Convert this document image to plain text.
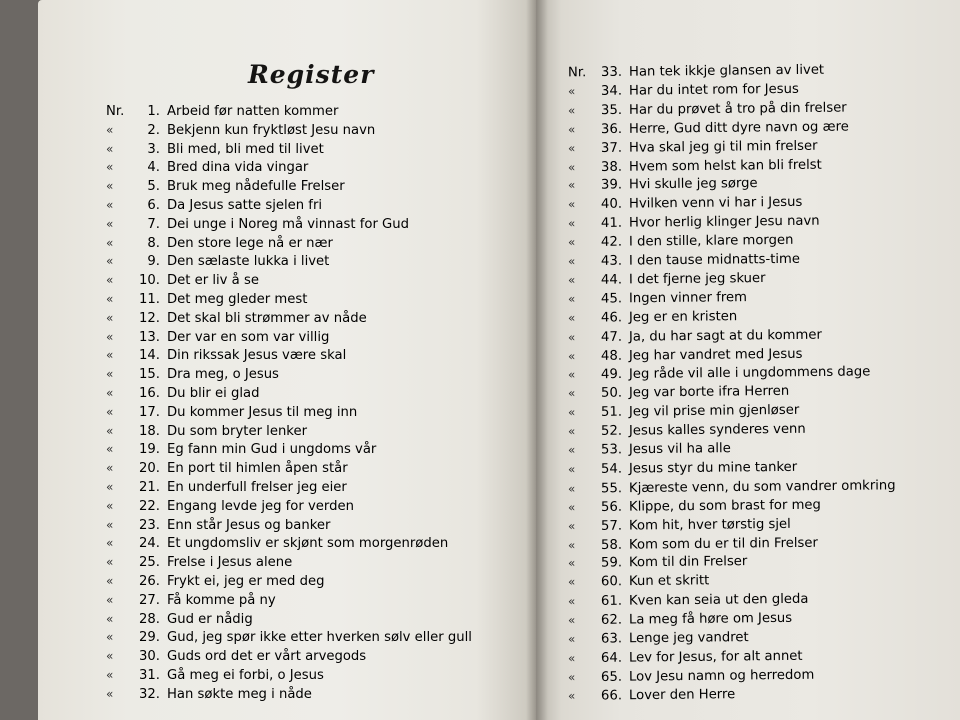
Register
Nr. 1. Arbeid før natten kommer
«	2. Bekjenn kun fryktløst Jesu navn
«	3. Bli med, bli med til livet
«	4. Bred dina vida vingar
«	5. Bruk meg nådefulle Frelser
«	6. Da Jesus satte sjelen fri
«	7. Dei unge i Noreg må vinnast for Gud
«	8. Den store lege nå er nær
«	9. Den sælaste lukka i livet
« 10. Det er liv å se
« 11. Det meg gleder mest
« 12. Det skal bli strømmer av nåde
« 13. Der var en som var villig
« 14. Din rikssak Jesus være skal
« 15. Dra meg, o Jesus
« 16. Du blir ei glad
« 17. Du kommer Jesus til meg inn
« 18. Du som bryter lenker
« 19. Eg fann min Gud i ungdoms vår
« 20. En port til himlen åpen står
« 21. En underfull frelser jeg eier
« 22. Engang levde jeg for verden
« 23. Enn står Jesus og banker
« 24. Et ungdomsliv er skjønt som morgenrøden
« 25. Frelse i Jesus alene
« 26. Frykt ei, jeg er med deg
« 27. Få komme på ny
« 28. Gud er nådig
« 29. Gud, jeg spør ikke etter hverken sølv eller gull
« 30. Guds ord det er vårt arvegods
« 31. Gå meg ei forbi, o Jesus
« 32. Han søkte meg i nåde
Nr. 33. Han tek ikkje glansen av livet
« 34. Har du intet rom for Jesus
« 35. Har du prøvet å tro på din frelser
« 36. Herre, Gud ditt dyre navn og ære
« 37. Hva skal jeg gi til min frelser
« 38. Hvem som helst kan bli frelst
« 39. Hvi skulle jeg sørge
« 40. Hvilken venn vi har i Jesus
« 41. Hvor herlig klinger Jesu navn
« 42. I den stille, klare morgen
« 43. I den tause midnatts-time
« 44. I det fjerne jeg skuer
« 45. Ingen vinner frem
« 46. Jeg er en kristen
« 47. Ja, du har sagt at du kommer
« 48. Jeg har vandret med Jesus
« 49. Jeg råde vil alle i ungdommens dage
« 50. Jeg var borte ifra Herren
« 51. Jeg vil prise min gjenløser
« 52. Jesus kalles synderes venn
« 53. Jesus vil ha alle
« 54. Jesus styr du mine tanker
« 55. Kjæreste venn, du som vandrer omkring
« 56. Klippe, du som brast for meg
« 57. Kom hit, hver tørstig sjel
« 58. Kom som du er til din Frelser
« 59. Kom til din Frelser
« 60. Kun et skritt
« 61. Kven kan seia ut den gleda
« 62. La meg få høre om Jesus
« 63. Lenge jeg vandret
« 64. Lev for Jesus, for alt annet
« 65. Lov Jesu namn og herredom
« 66. Lover den Herre
